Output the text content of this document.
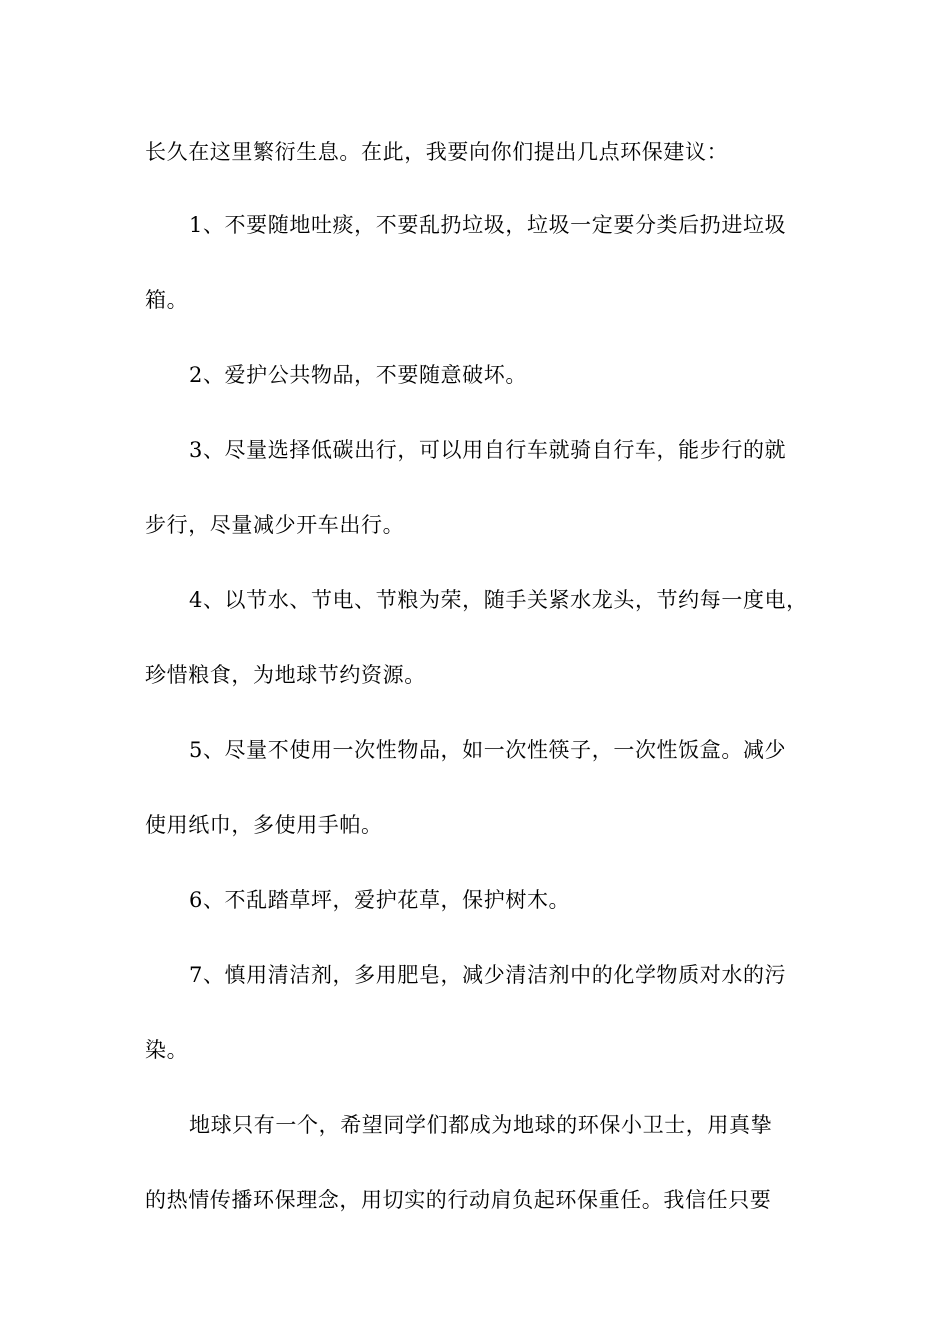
长久在这里繁衍生息。在此，我要向你们提出几点环保建议：
1、不要随地吐痰，不要乱扔垃圾，垃圾一定要分类后扔进垃圾
箱。
2、爱护公共物品，不要随意破坏。
3、尽量选择低碳出行，可以用自行车就骑自行车，能步行的就
步行，尽量减少开车出行。
4、以节水、节电、节粮为荣，随手关紧水龙头，节约每一度电，
珍惜粮食，为地球节约资源。
5、尽量不使用一次性物品，如一次性筷子，一次性饭盒。减少
使用纸巾，多使用手帕。
6、不乱踏草坪，爱护花草，保护树木。
7、慎用清洁剂，多用肥皂，减少清洁剂中的化学物质对水的污
染。
地球只有一个，希望同学们都成为地球的环保小卫士，用真挚
的热情传播环保理念，用切实的行动肩负起环保重任。我信任只要
